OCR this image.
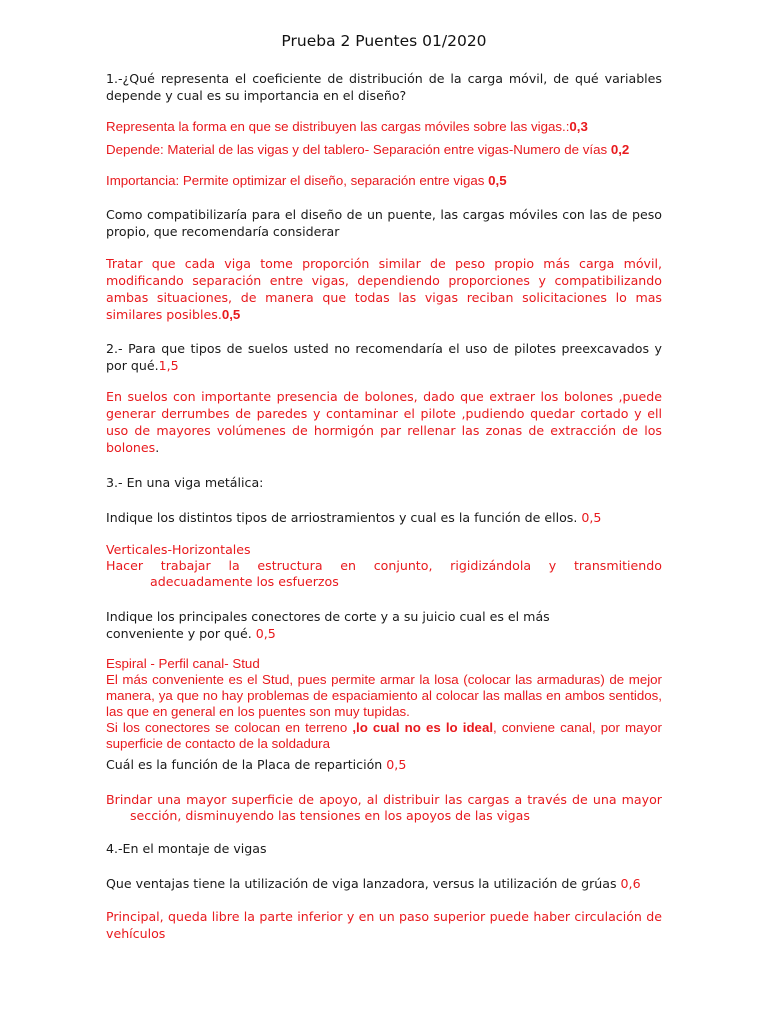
Prueba 2 Puentes 01/2020

1.-¿Qué representa el coeficiente de distribución de la carga móvil, de qué variables depende y cual es su importancia en el diseño?

Representa la forma en que se distribuyen las cargas móviles sobre las vigas.:0,3

Depende: Material de las vigas y del tablero- Separación entre vigas-Numero de vías 0,2

Importancia: Permite optimizar el diseño, separación entre vigas 0,5

Como compatibilizaría para el diseño de un puente, las cargas móviles con las de peso propio, que recomendaría considerar

Tratar que cada viga tome proporción similar de peso propio más carga móvil, modificando separación entre vigas, dependiendo proporciones y compatibilizando ambas situaciones, de manera que todas las vigas reciban solicitaciones lo mas similares posibles.0,5

2.- Para que tipos de suelos usted no recomendaría el uso de pilotes preexcavados y por qué.1,5

En suelos con importante presencia de bolones, dado que extraer los bolones ,puede generar derrumbes de paredes y contaminar el pilote ,pudiendo quedar cortado y ell uso de mayores volúmenes de hormigón par rellenar las zonas de extracción de los bolones.

3.- En una viga metálica:

Indique los distintos tipos de arriostramientos y cual es la función de ellos. 0,5

Verticales-Horizontales

Hacer trabajar la estructura en conjunto, rigidizándola y transmitiendo

adecuadamente los esfuerzos

Indique los principales conectores de corte y a su juicio cual es el más

conveniente y por qué. 0,5

Espiral - Perfil canal- Stud
El más conveniente es el Stud, pues permite armar la losa (colocar las armaduras) de mejor manera, ya que no hay problemas de espaciamiento al colocar las mallas en ambos sentidos, las que en general en los puentes son muy tupidas.
Si los conectores se colocan en terreno ,lo cual no es lo ideal, conviene canal, por mayor superficie de contacto de la soldadura

Cuál es la función de la Placa de repartición 0,5

Brindar una mayor superficie de apoyo, al distribuir las cargas a través de una mayor

sección, disminuyendo las tensiones en los apoyos de las vigas

4.-En el montaje de vigas

Que ventajas tiene la utilización de viga lanzadora, versus la utilización de grúas 0,6

Principal, queda libre la parte inferior y en un paso superior puede haber circulación de vehículos
